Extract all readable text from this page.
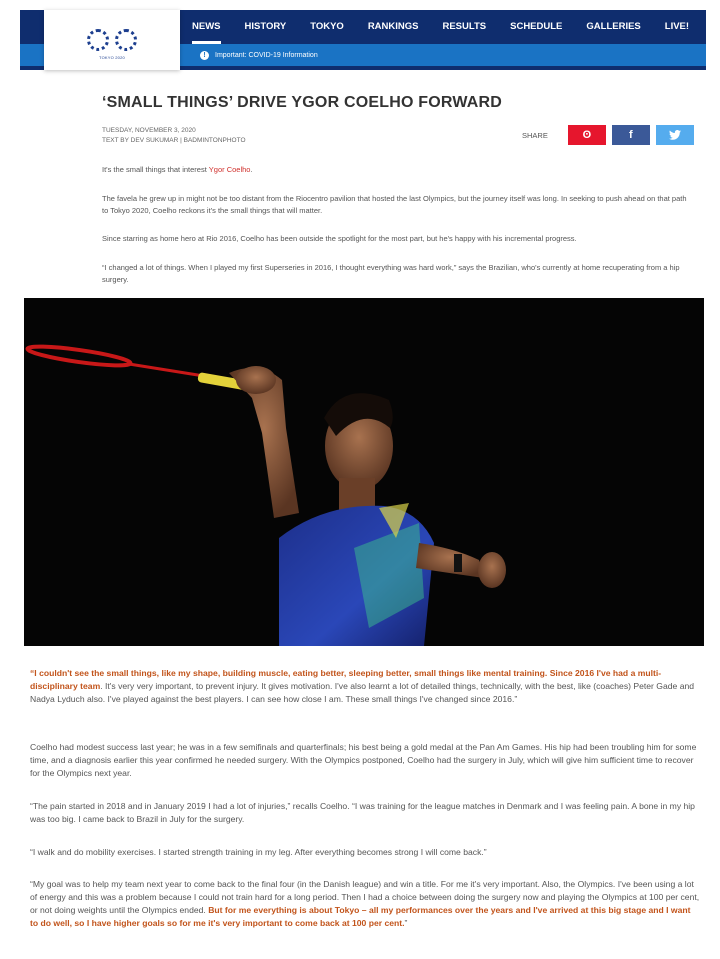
NEWS	HISTORY	TOKYO	RANKINGS	RESULTS	SCHEDULE	GALLERIES	LIVE!
!	Important: COVID-19 Information
TOKYO 2020
‘SMALL THINGS’ DRIVE YGOR COELHO FORWARD
TUESDAY, NOVEMBER 3, 2020
TEXT BY DEV SUKUMAR | BADMINTONPHOTO
SHARE	ʘ	f

It's the small things that interest Ygor Coelho.

The favela he grew up in might not be too distant from the Riocentro pavilion that hosted the last Olympics, but the journey itself was long. In seeking to push ahead on that path to Tokyo 2020, Coelho reckons it's the small things that will matter.

Since starring as home hero at Rio 2016, Coelho has been outside the spotlight for the most part, but he's happy with his incremental progress.

“I changed a lot of things. When I played my first Superseries in 2016, I thought everything was hard work,” says the Brazilian, who's currently at home recuperating from a hip surgery.

“I couldn't see the small things, like my shape, building muscle, eating better, sleeping better, small things like mental training. Since 2016 I've had a multi-disciplinary team. It's very very important, to prevent injury. It gives motivation. I've also learnt a lot of detailed things, technically, with the best, like (coaches) Peter Gade and Nadya Lyduch also. I've played against the best players. I can see how close I am. These small things I've changed since 2016.”

Coelho had modest success last year; he was in a few semifinals and quarterfinals; his best being a gold medal at the Pan Am Games. His hip had been troubling him for some time, and a diagnosis earlier this year confirmed he needed surgery. With the Olympics postponed, Coelho had the surgery in July, which will give him sufficient time to recover for the Olympics next year.

“The pain started in 2018 and in January 2019 I had a lot of injuries,” recalls Coelho. “I was training for the league matches in Denmark and I was feeling pain. A bone in my hip was too big. I came back to Brazil in July for the surgery.

“I walk and do mobility exercises. I started strength training in my leg. After everything becomes strong I will come back.”

“My goal was to help my team next year to come back to the final four (in the Danish league) and win a title. For me it's very important. Also, the Olympics. I've been using a lot of energy and this was a problem because I could not train hard for a long period. Then I had a choice between doing the surgery now and playing the Olympics at 100 per cent, or not doing weights until the Olympics ended. But for me everything is about Tokyo – all my performances over the years and I've arrived at this big stage and I want to do well, so I have higher goals so for me it's very important to come back at 100 per cent.”
